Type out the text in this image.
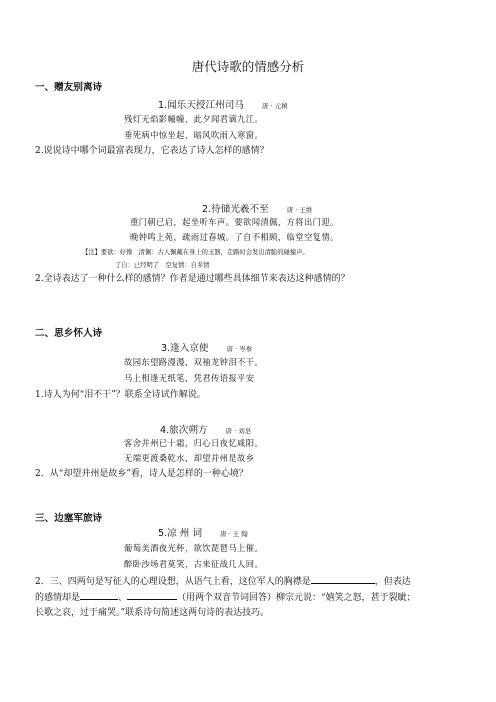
唐代诗歌的情感分析
一、赠友别离诗
1.闻乐天授江州司马	唐 · 元稹
残灯无焰影幢幢，此夕闻君谪九江。
垂死病中惊坐起，暗风吹雨入寒窗。
2.说说诗中哪个词最富表现力，它表达了诗人怎样的感情？
2.待储光羲不至	唐 · 王维
重门朝已启，起坐听车声。要欲闻清佩，方将出门迎。
晚钟鸣上苑，疏雨过春城。了自不相顾，临堂空复情。
【注】要欲：好像　清佩：古人佩戴在身上的玉器，走路时会发出清脆的碰撞声。
了自：已经明了　空复情：自多情
2.全诗表达了一种什么样的感情？作者是通过哪些具体细节来表达这种感情的？
二、思乡怀人诗
3.逢入京使	唐 · 岑参
故园东望路漫漫，双袖龙钟泪不干。
马上相逢无纸笔，凭君传语报平安
1.诗人为何“泪不干”？联系全诗试作解说。
4.旅次朔方	唐 · 刘皂
客舍并州已十霜，归心日夜忆咸阳。
无端更渡桑乾水，却望并州是故乡
2．从“却望并州是故乡”看，诗人是怎样的一种心境？
三、边塞军旅诗
5.凉 州 词	唐 · 王 翰
葡萄美酒夜光杯，欲饮琵琶马上催。
醉卧沙场君莫笑，古来征战几人回。
2．三、四两句是写征人的心理设想，从语气上看，这位军人的胸襟是	，但表达
的感情却是	、	（用两个双音节词回答）柳宗元说：“嬉笑之怒，甚于裂眦；
长歌之哀，过于痛哭。”联系诗句简述这两句诗的表达技巧。
